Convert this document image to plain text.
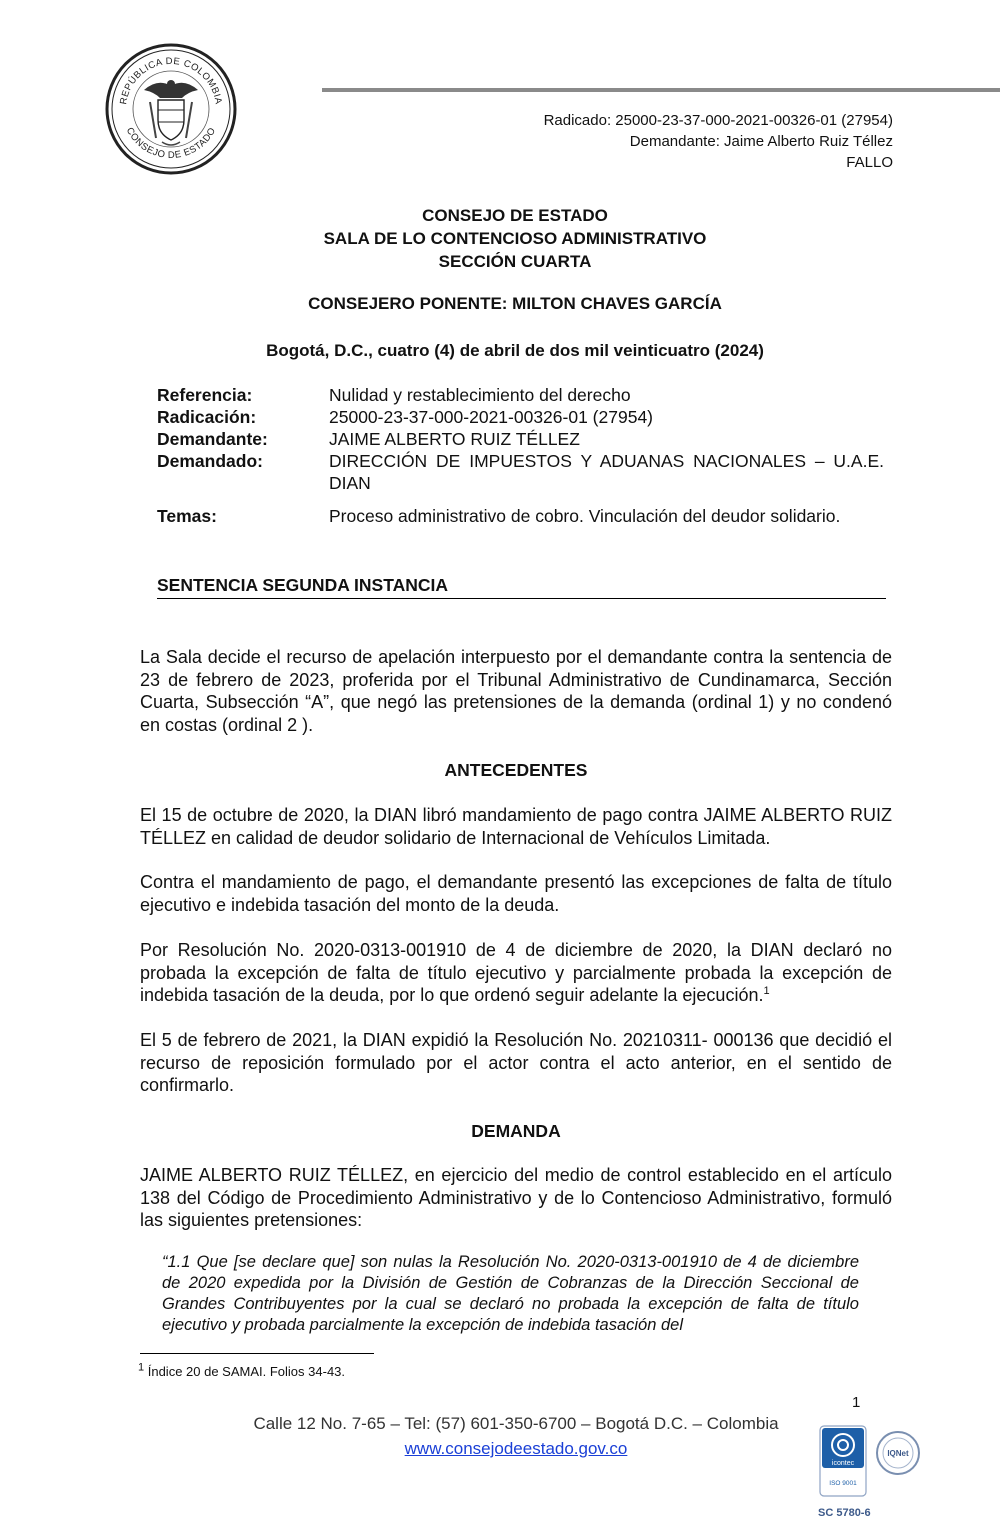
REPÚBLICA DE COLOMBIA
CONSEJO DE ESTADO
Radicado: 25000-23-37-000-2021-00326-01 (27954)
Demandante: Jaime Alberto Ruiz Téllez
FALLO
CONSEJO DE ESTADO
SALA DE LO CONTENCIOSO ADMINISTRATIVO
SECCIÓN CUARTA
CONSEJERO PONENTE: MILTON CHAVES GARCÍA
Bogotá, D.C., cuatro (4) de abril de dos mil veinticuatro (2024)
Referencia:	Nulidad y restablecimiento del derecho
Radicación:	25000-23-37-000-2021-00326-01 (27954)
Demandante:	JAIME ALBERTO RUIZ TÉLLEZ
Demandado:	DIRECCIÓN DE IMPUESTOS Y ADUANAS NACIONALES – U.A.E. DIAN
Temas:	Proceso administrativo de cobro. Vinculación del deudor solidario.
SENTENCIA SEGUNDA INSTANCIA
La Sala decide el recurso de apelación interpuesto por el demandante contra la sentencia de 23 de febrero de 2023, proferida por el Tribunal Administrativo de Cundinamarca, Sección Cuarta, Subsección “A”, que negó las pretensiones de la demanda (ordinal 1) y no condenó en costas (ordinal 2 ).
ANTECEDENTES
El 15 de octubre de 2020, la DIAN libró mandamiento de pago contra JAIME ALBERTO RUIZ TÉLLEZ en calidad de deudor solidario de Internacional de Vehículos Limitada.
Contra el mandamiento de pago, el demandante presentó las excepciones de falta de título ejecutivo e indebida tasación del monto de la deuda.
Por Resolución No. 2020-0313-001910 de 4 de diciembre de 2020, la DIAN declaró no probada la excepción de falta de título ejecutivo y parcialmente probada la excepción de indebida tasación de la deuda, por lo que ordenó seguir adelante la ejecución.$^1$
El 5 de febrero de 2021, la DIAN expidió la Resolución No. 20210311- 000136 que decidió el recurso de reposición formulado por el actor contra el acto anterior, en el sentido de confirmarlo.
DEMANDA
JAIME ALBERTO RUIZ TÉLLEZ, en ejercicio del medio de control establecido en el artículo 138 del Código de Procedimiento Administrativo y de lo Contencioso Administrativo, formuló las siguientes pretensiones:
“1.1 Que [se declare que] son nulas la Resolución No. 2020-0313-001910 de 4 de diciembre de 2020 expedida por la División de Gestión de Cobranzas de la Dirección Seccional de Grandes Contribuyentes por la cual se declaró no probada la excepción de falta de título ejecutivo y probada parcialmente la excepción de indebida tasación del
$^1$ Índice 20 de SAMAI. Folios 34-43.
1
Calle 12 No. 7-65 – Tel: (57) 601-350-6700 – Bogotá D.C. – Colombia
www.consejodeestado.gov.co
icontec
ISO 9001
IQNet
SC 5780-6
